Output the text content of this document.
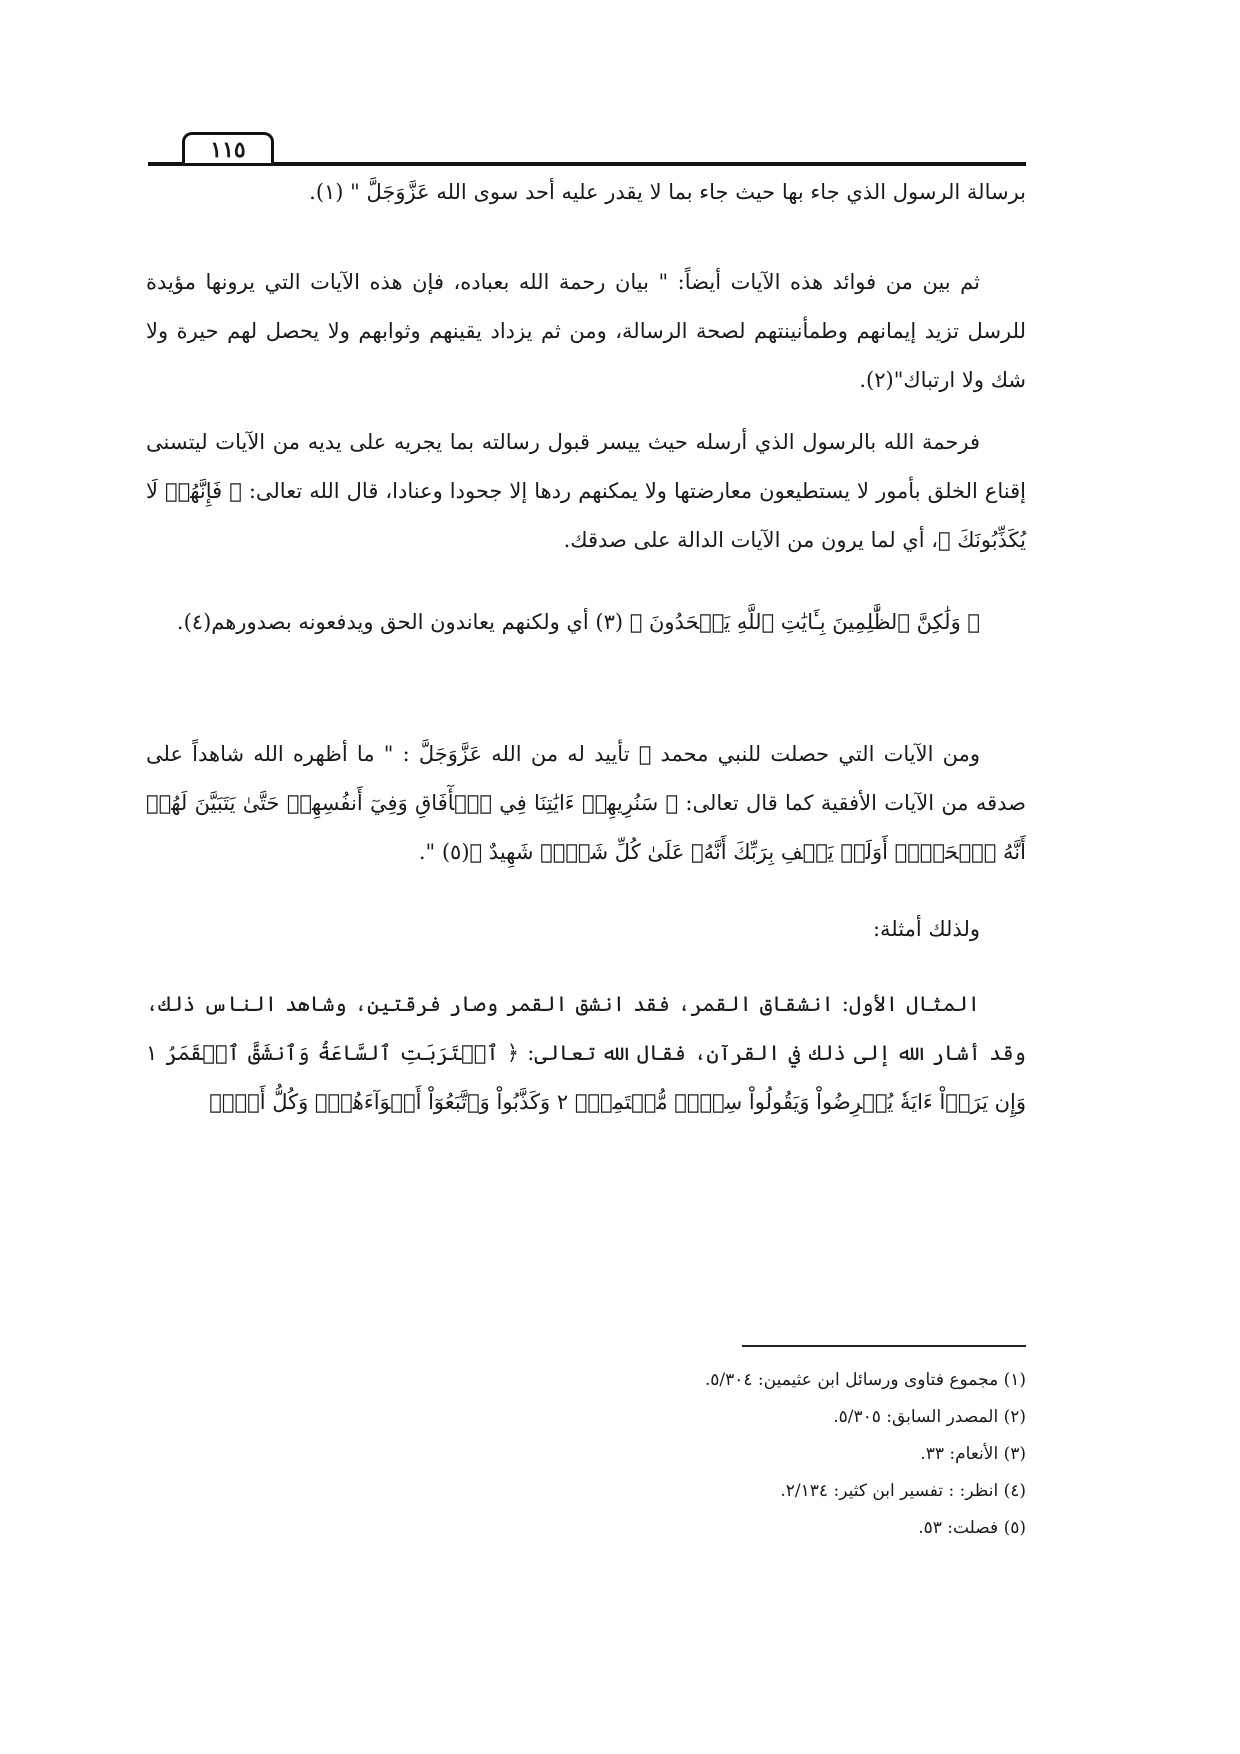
١١٥

برسالة الرسول الذي جاء بها حيث جاء بما لا يقدر عليه أحد سوى الله عَزَّوَجَلَّ " (١).

ثم بين من فوائد هذه الآيات أيضاً: " بيان رحمة الله بعباده، فإن هذه الآيات التي يرونها مؤيدة للرسل تزيد إيمانهم وطمأنينتهم لصحة الرسالة، ومن ثم يزداد يقينهم وثوابهم ولا يحصل لهم حيرة ولا شك ولا ارتباك"(٢).

فرحمة الله بالرسول الذي أرسله حيث ييسر قبول رسالته بما يجريه على يديه من الآيات ليتسنى إقناع الخلق بأمور لا يستطيعون معارضتها ولا يمكنهم ردها إلا جحودا وعنادا، قال الله تعالى: ﴿ فَإِنَّهُمۡ لَا يُكَذِّبُونَكَ ﴾، أي لما يرون من الآيات الدالة على صدقك.

﴿ وَلَٰكِنَّ ٱلظَّٰلِمِينَ بِـَٔايَٰتِ ٱللَّهِ يَجۡحَدُونَ ﴾ (٣) أي ولكنهم يعاندون الحق ويدفعونه بصدورهم(٤).

ومن الآيات التي حصلت للنبي محمد ﷺ تأييد له من الله عَزَّوَجَلَّ : " ما أظهره الله شاهداً على صدقه من الآيات الأفقية كما قال تعالى: ﴿ سَنُرِيهِمۡ ءَايَٰتِنَا فِي ٱلۡأٓفَاقِ وَفِيٓ أَنفُسِهِمۡ حَتَّىٰ يَتَبَيَّنَ لَهُمۡ أَنَّهُ ٱلۡحَقُّۗ أَوَلَمۡ يَكۡفِ بِرَبِّكَ أَنَّهُۥ عَلَىٰ كُلِّ شَيۡءٖ شَهِيدٌ ﴾(٥) ".

ولذلك أمثلة:

المثال الأول: انشقاق القمر، فقد انشق القمر وصار فرقتين، وشاهد الناس ذلك، وقد أشار الله إلى ذلك في القرآن، فقال الله تعالى: ﴿ ٱقۡتَرَبَتِ ٱلسَّاعَةُ وَٱنشَقَّ ٱلۡقَمَرُ ١ وَإِن يَرَوۡاْ ءَايَةٗ يُعۡرِضُواْ وَيَقُولُواْ سِحۡرٞ مُّسۡتَمِرّٞ ٢ وَكَذَّبُواْ وَٱتَّبَعُوٓاْ أَهۡوَآءَهُمۡۚ وَكُلُّ أَمۡرٖ

(١) مجموع فتاوى ورسائل ابن عثيمين: ٥/٣٠٤.
(٢) المصدر السابق: ٥/٣٠٥.
(٣) الأنعام: ٣٣.
(٤) انظر: : تفسير ابن كثير: ٢/١٣٤.
(٥) فصلت: ٥٣.
